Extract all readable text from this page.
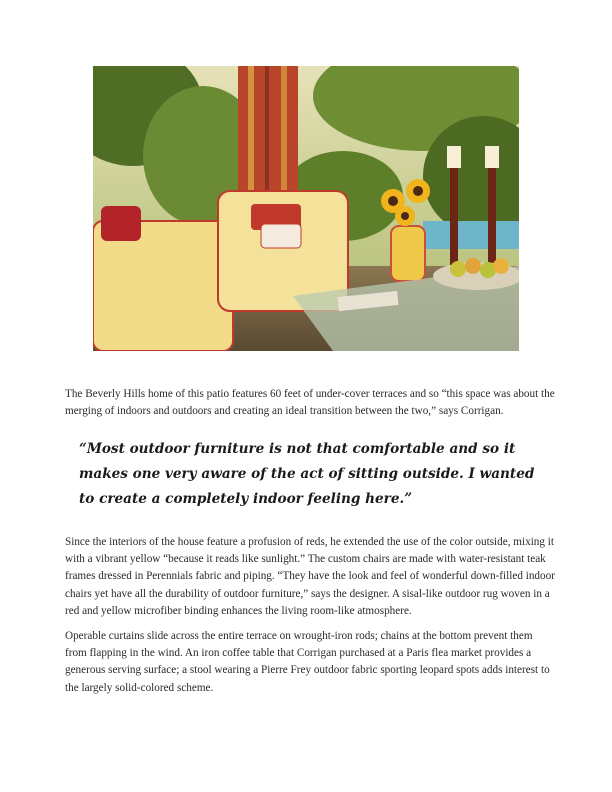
The Beverly Hills home of this patio features 60 feet of under-cover terraces and so “this space was about the merging of indoors and outdoors and creating an ideal transition between the two,” says Corrigan.

“Most outdoor furniture is not that comfortable and so it makes one very aware of the act of sitting outside. I wanted to create a completely indoor feeling here.”

Since the interiors of the house feature a profusion of reds, he extended the use of the color outside, mixing it with a vibrant yellow “because it reads like sunlight.” The custom chairs are made with water-resistant teak frames dressed in Perennials fabric and piping. “They have the look and feel of wonderful down-filled indoor chairs yet have all the durability of outdoor furniture,” says the designer. A sisal-like outdoor rug woven in a red and yellow microfiber binding enhances the living room-like atmosphere.

Operable curtains slide across the entire terrace on wrought-iron rods; chains at the bottom prevent them from flapping in the wind. An iron coffee table that Corrigan purchased at a Paris flea market provides a generous serving surface; a stool wearing a Pierre Frey outdoor fabric sporting leopard spots adds interest to the largely solid-colored scheme.
